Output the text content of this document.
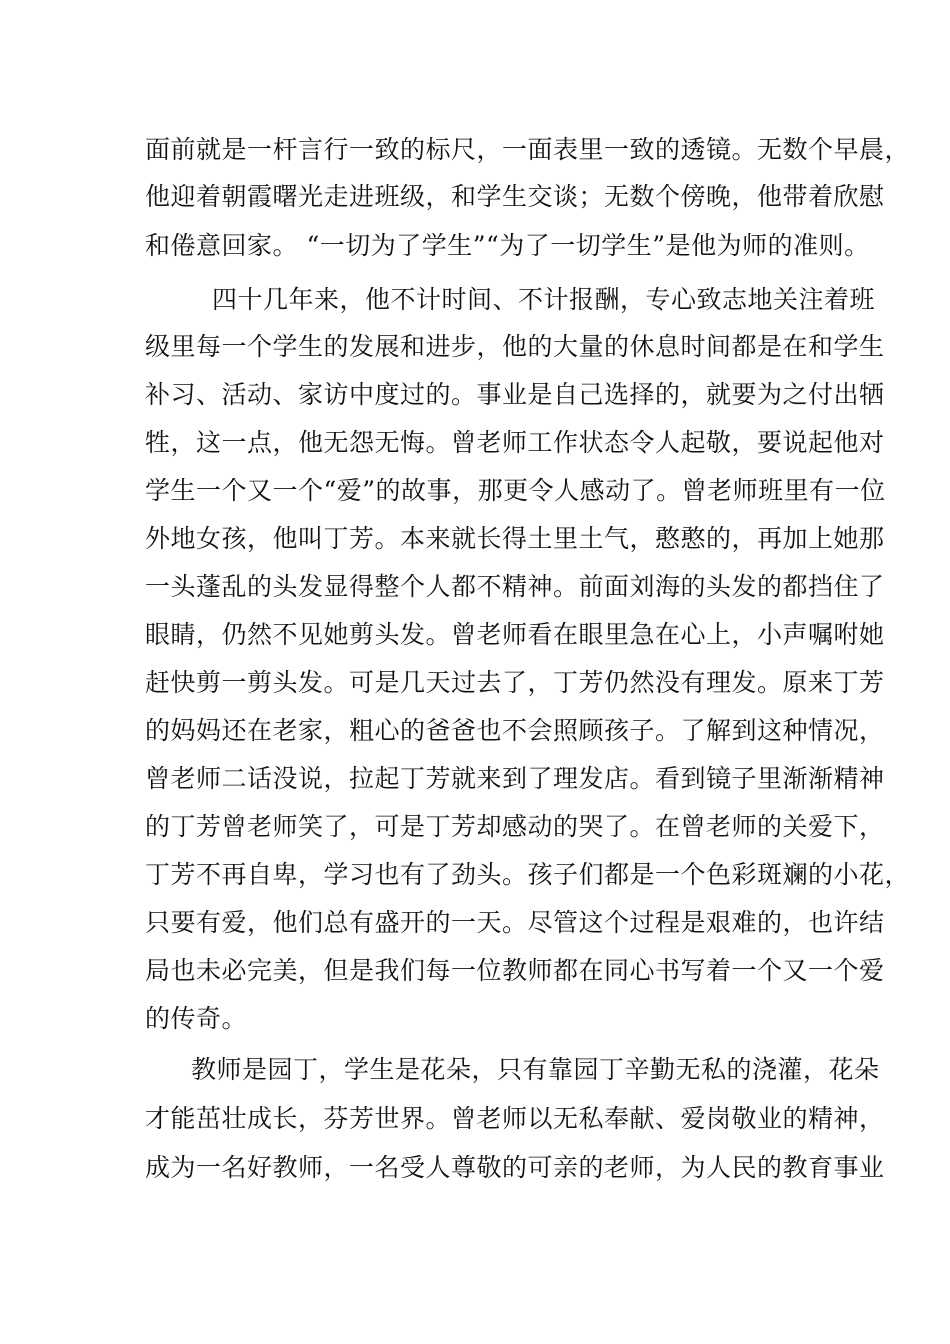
面前就是一杆言行一致的标尺，一面表里一致的透镜。无数个早晨，
他迎着朝霞曙光走进班级，和学生交谈；无数个傍晚，他带着欣慰
和倦意回家。 “一切为了学生”“为了一切学生”是他为师的准则。
四十几年来，他不计时间、不计报酬，专心致志地关注着班
级里每一个学生的发展和进步，他的大量的休息时间都是在和学生
补习、活动、家访中度过的。事业是自己选择的，就要为之付出牺
牲，这一点，他无怨无悔。曾老师工作状态令人起敬，要说起他对
学生一个又一个“爱”的故事，那更令人感动了。曾老师班里有一位
外地女孩，他叫丁芳。本来就长得土里土气，憨憨的，再加上她那
一头蓬乱的头发显得整个人都不精神。前面刘海的头发的都挡住了
眼睛，仍然不见她剪头发。曾老师看在眼里急在心上，小声嘱咐她
赶快剪一剪头发。可是几天过去了，丁芳仍然没有理发。原来丁芳
的妈妈还在老家，粗心的爸爸也不会照顾孩子。了解到这种情况，
曾老师二话没说，拉起丁芳就来到了理发店。看到镜子里渐渐精神
的丁芳曾老师笑了，可是丁芳却感动的哭了。在曾老师的关爱下，
丁芳不再自卑，学习也有了劲头。孩子们都是一个色彩斑斓的小花，
只要有爱，他们总有盛开的一天。尽管这个过程是艰难的，也许结
局也未必完美，但是我们每一位教师都在同心书写着一个又一个爱
的传奇。
教师是园丁，学生是花朵，只有靠园丁辛勤无私的浇灌，花朵
才能茁壮成长，芬芳世界。曾老师以无私奉献、爱岗敬业的精神，
成为一名好教师，一名受人尊敬的可亲的老师，为人民的教育事业
